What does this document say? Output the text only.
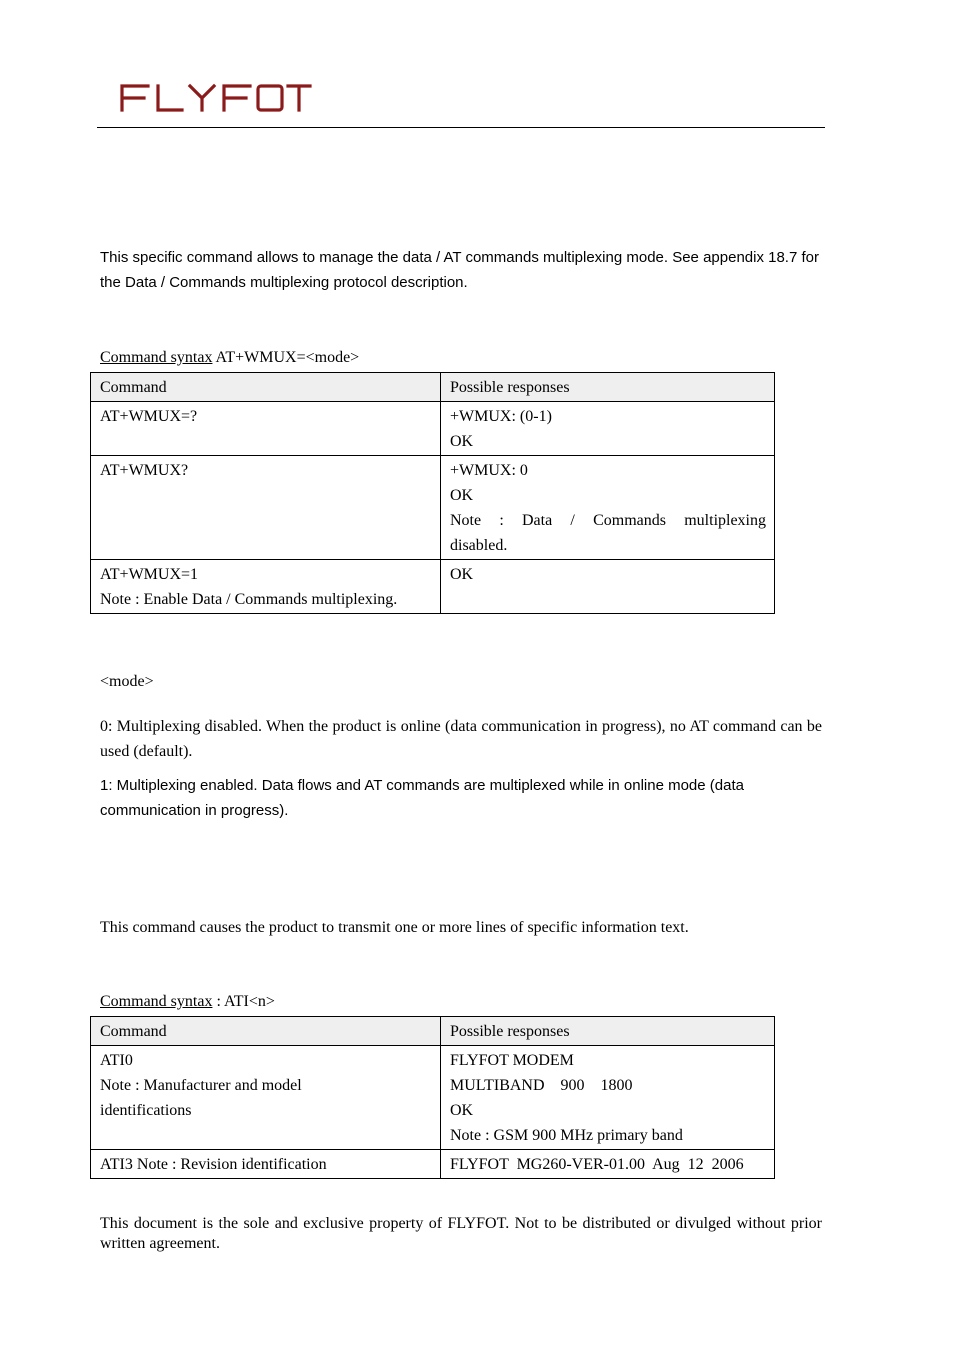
This specific command allows to manage the data / AT commands multiplexing mode. See appendix 18.7 for the Data / Commands multiplexing protocol description.

Command syntax AT+WMUX=<mode>
Command	Possible responses

AT+WMUX=?	+WMUX: (0-1)
OK

AT+WMUX?	+WMUX: 0
OK
Note : Data / Commands multiplexing
disabled.

AT+WMUX=1
Note : Enable Data / Commands multiplexing.	OK
<mode>

0: Multiplexing disabled. When the product is online (data communication in progress), no AT command can be used (default).

1: Multiplexing enabled. Data flows and AT commands are multiplexed while in online mode (data communication in progress).

This command causes the product to transmit one or more lines of specific information text.

Command syntax : ATI<n>
Command	Possible responses

ATI0
Note : Manufacturer and model
identifications	FLYFOT MODEM
MULTIBAND    900    1800
OK
Note : GSM 900 MHz primary band

ATI3 Note : Revision identification	FLYFOT  MG260-VER-01.00  Aug  12  2006

This document is the sole and exclusive property of FLYFOT. Not to be distributed or divulged without prior written agreement.
